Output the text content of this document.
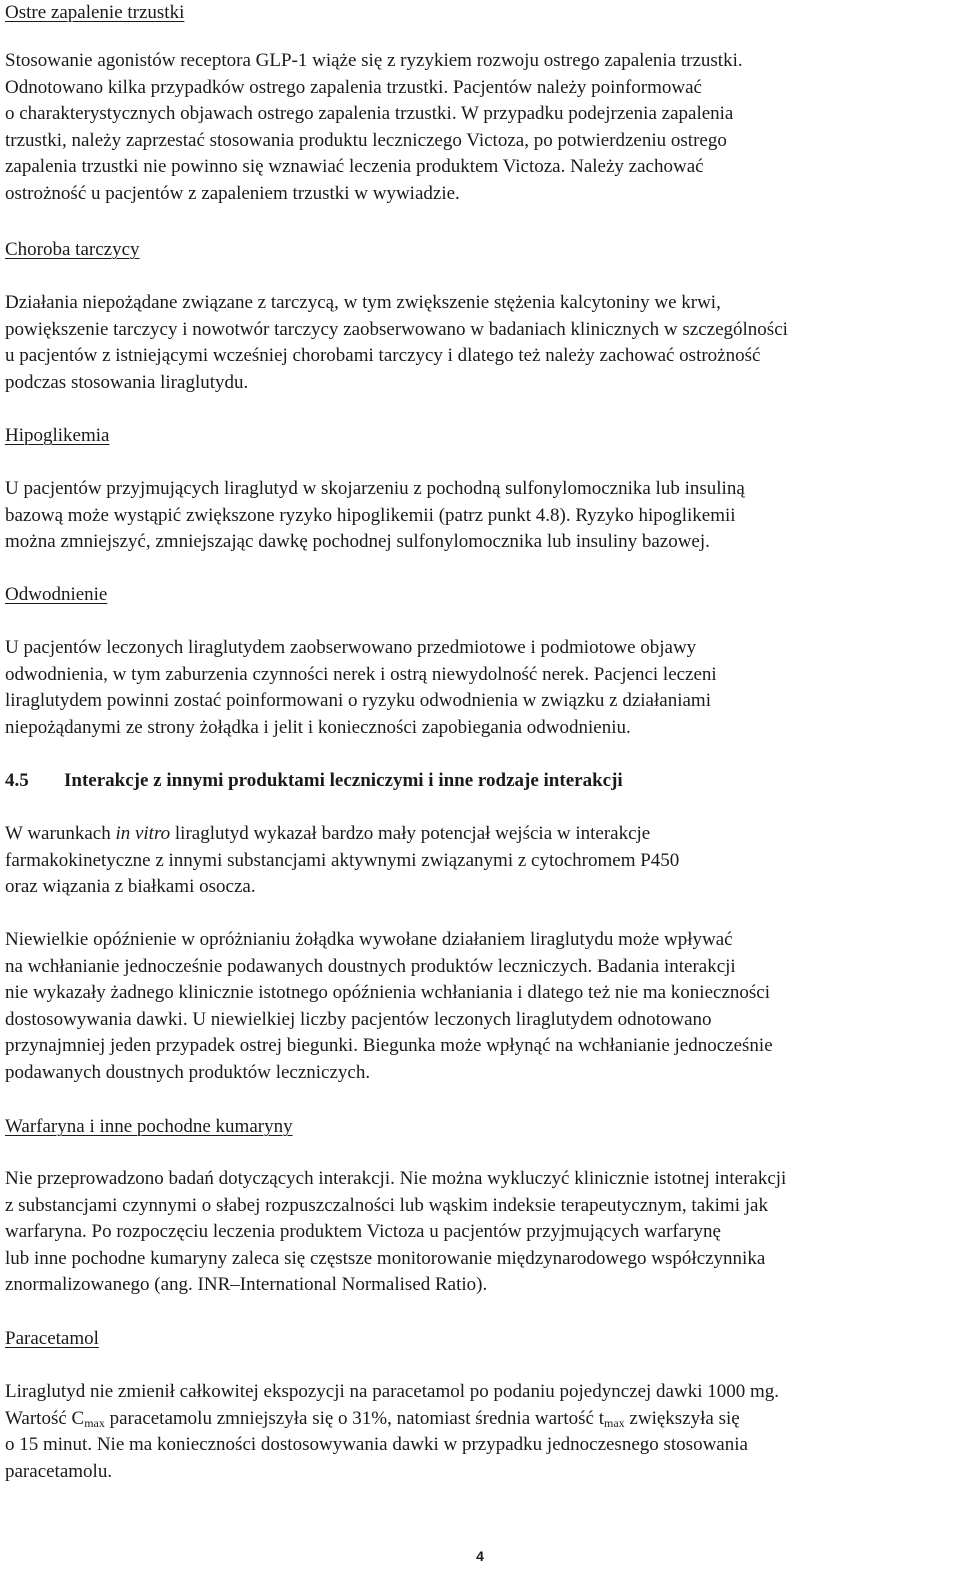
Ostre zapalenie trzustki
Stosowanie agonistów receptora GLP-1 wiąże się z ryzykiem rozwoju ostrego zapalenia trzustki.
Odnotowano kilka przypadków ostrego zapalenia trzustki. Pacjentów należy poinformować
o charakterystycznych objawach ostrego zapalenia trzustki. W przypadku podejrzenia zapalenia
trzustki, należy zaprzestać stosowania produktu leczniczego Victoza, po potwierdzeniu ostrego
zapalenia trzustki nie powinno się wznawiać leczenia produktem Victoza. Należy zachować
ostrożność u pacjentów z zapaleniem trzustki w wywiadzie.
Choroba tarczycy
Działania niepożądane związane z tarczycą, w tym zwiększenie stężenia kalcytoniny we krwi,
powiększenie tarczycy i nowotwór tarczycy zaobserwowano w badaniach klinicznych w szczególności
u pacjentów z istniejącymi wcześniej chorobami tarczycy i dlatego też należy zachować ostrożność
podczas stosowania liraglutydu.
Hipoglikemia
U pacjentów przyjmujących liraglutyd w skojarzeniu z pochodną sulfonylomocznika lub insuliną
bazową może wystąpić zwiększone ryzyko hipoglikemii (patrz punkt 4.8). Ryzyko hipoglikemii
można zmniejszyć, zmniejszając dawkę pochodnej sulfonylomocznika lub insuliny bazowej.
Odwodnienie
U pacjentów leczonych liraglutydem zaobserwowano przedmiotowe i podmiotowe objawy
odwodnienia, w tym zaburzenia czynności nerek i ostrą niewydolność nerek. Pacjenci leczeni
liraglutydem powinni zostać poinformowani o ryzyku odwodnienia w związku z działaniami
niepożądanymi ze strony żołądka i jelit i konieczności zapobiegania odwodnieniu.
4.5 Interakcje z innymi produktami leczniczymi i inne rodzaje interakcji
W warunkach in vitro liraglutyd wykazał bardzo mały potencjał wejścia w interakcje
farmakokinetyczne z innymi substancjami aktywnymi związanymi z cytochromem P450
oraz wiązania z białkami osocza.
Niewielkie opóźnienie w opróżnianiu żołądka wywołane działaniem liraglutydu może wpływać
na wchłanianie jednocześnie podawanych doustnych produktów leczniczych. Badania interakcji
nie wykazały żadnego klinicznie istotnego opóźnienia wchłaniania i dlatego też nie ma konieczności
dostosowywania dawki. U niewielkiej liczby pacjentów leczonych liraglutydem odnotowano
przynajmniej jeden przypadek ostrej biegunki. Biegunka może wpłynąć na wchłanianie jednocześnie
podawanych doustnych produktów leczniczych.
Warfaryna i inne pochodne kumaryny
Nie przeprowadzono badań dotyczących interakcji. Nie można wykluczyć klinicznie istotnej interakcji
z substancjami czynnymi o słabej rozpuszczalności lub wąskim indeksie terapeutycznym, takimi jak
warfaryna. Po rozpoczęciu leczenia produktem Victoza u pacjentów przyjmujących warfarynę
lub inne pochodne kumaryny zaleca się częstsze monitorowanie międzynarodowego współczynnika
znormalizowanego (ang. INR–International Normalised Ratio).
Paracetamol
Liraglutyd nie zmienił całkowitej ekspozycji na paracetamol po podaniu pojedynczej dawki 1000 mg.
Wartość $C_{max}$ paracetamolu zmniejszyła się o 31%, natomiast średnia wartość $t_{max}$ zwiększyła się
o 15 minut. Nie ma konieczności dostosowywania dawki w przypadku jednoczesnego stosowania
paracetamolu.
4
